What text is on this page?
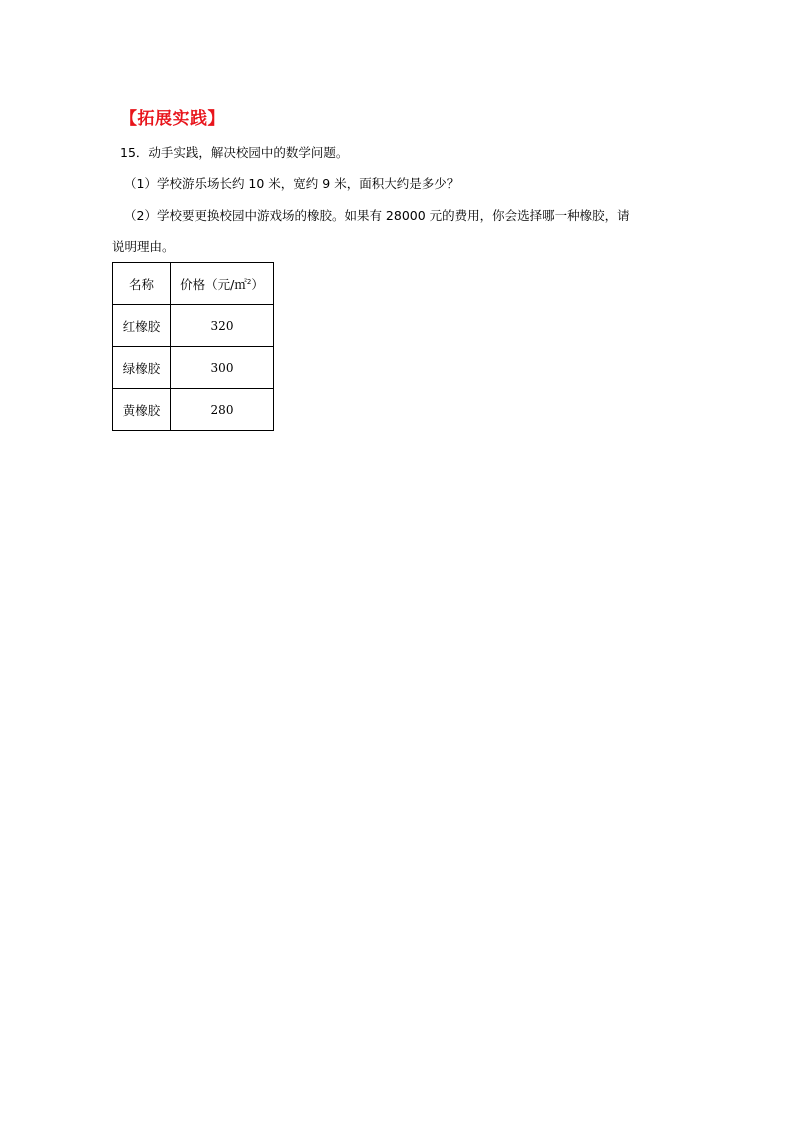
【拓展实践】
15．动手实践，解决校园中的数学问题。
（1）学校游乐场长约 10 米，宽约 9 米，面积大约是多少？
（2）学校要更换校园中游戏场的橡胶。如果有 28000 元的费用，你会选择哪一种橡胶，请
说明理由。
名称	价格（元/㎡$^2$）
红橡胶	320
绿橡胶	300
黄橡胶	280
